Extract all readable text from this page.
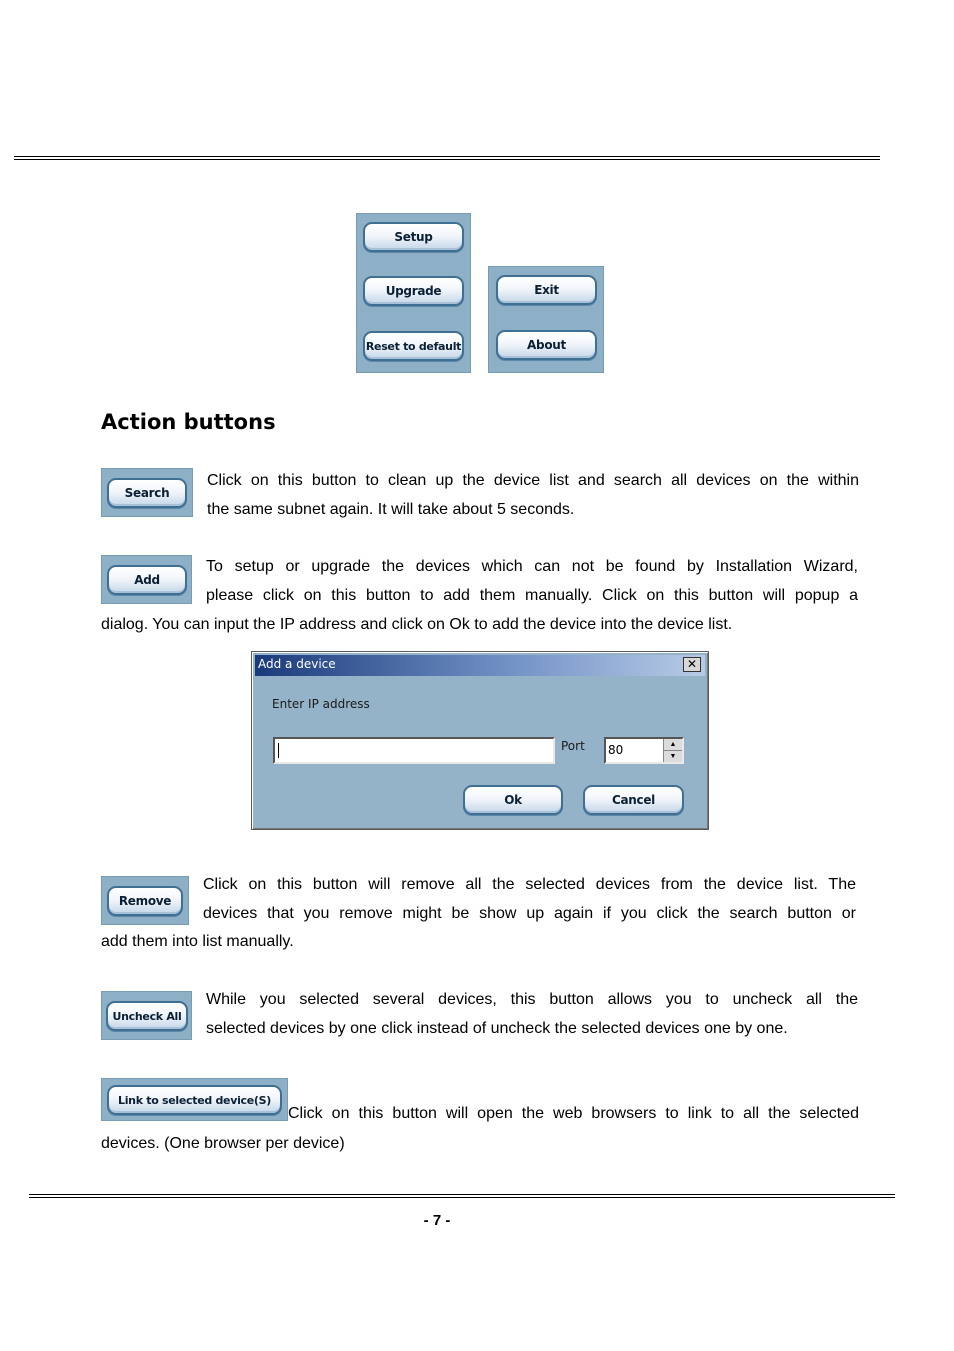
Setup
Upgrade
Reset to default
Exit
About
Action buttons
Search
Click on this button to clean up the device list and search all devices on the within
the same subnet again. It will take about 5 seconds.
Add
To setup or upgrade the devices which can not be found by Installation Wizard,
please click on this button to add them manually. Click on this button will popup a
dialog. You can input the IP address and click on Ok to add the device into the device list.
Add a device	✕
Enter IP address
Port 80	▲
▼
Ok	Cancel
Remove
Click on this button will remove all the selected devices from the device list. The
devices that you remove might be show up again if you click the search button or
add them into list manually.
Uncheck All
While you selected several devices, this button allows you to uncheck all the
selected devices by one click instead of uncheck the selected devices one by one.
Link to selected device(S)
Click on this button will open the web browsers to link to all the selected
devices. (One browser per device)
- 7 -
